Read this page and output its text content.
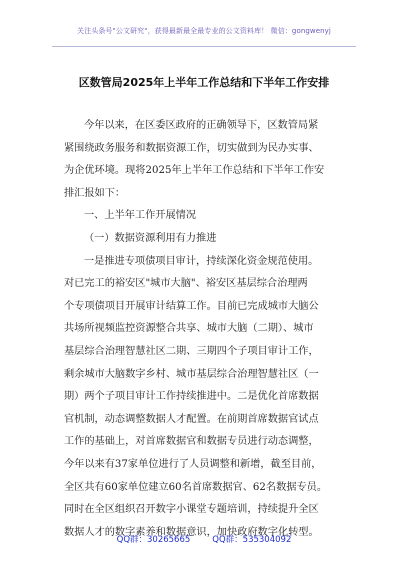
关注头条号"公文研究"，获得最新最全最专业的公文资料库！ 微信：gongwenyj
区数管局2025年上半年工作总结和下半年工作安排
今年以来，在区委区政府的正确领导下，区数管局紧
紧围绕政务服务和数据资源工作，切实做到为民办实事、
为企优环境。现将2025年上半年工作总结和下半年工作安
排汇报如下：
一、上半年工作开展情况
（一）数据资源利用有力推进
一是推进专项债项目审计，持续深化资金规范使用。
对已完工的裕安区"城市大脑"、裕安区基层综合治理两
个专项债项目开展审计结算工作。目前已完成城市大脑公
共场所视频监控资源整合共享、城市大脑（二期）、城市
基层综合治理智慧社区二期、三期四个子项目审计工作，
剩余城市大脑数字乡村、城市基层综合治理智慧社区（一
期）两个子项目审计工作持续推进中。二是优化首席数据
官机制，动态调整数据人才配置。在前期首席数据官试点
工作的基础上，对首席数据官和数据专员进行动态调整，
今年以来有37家单位进行了人员调整和新增，截至目前，
全区共有60家单位建立60名首席数据官、62名数据专员。
同时在全区组织召开数字小课堂专题培训，持续提升全区
数据人才的数字素养和数据意识，加快政府数字化转型。
QQ群：30265665	QQ群：535304092
